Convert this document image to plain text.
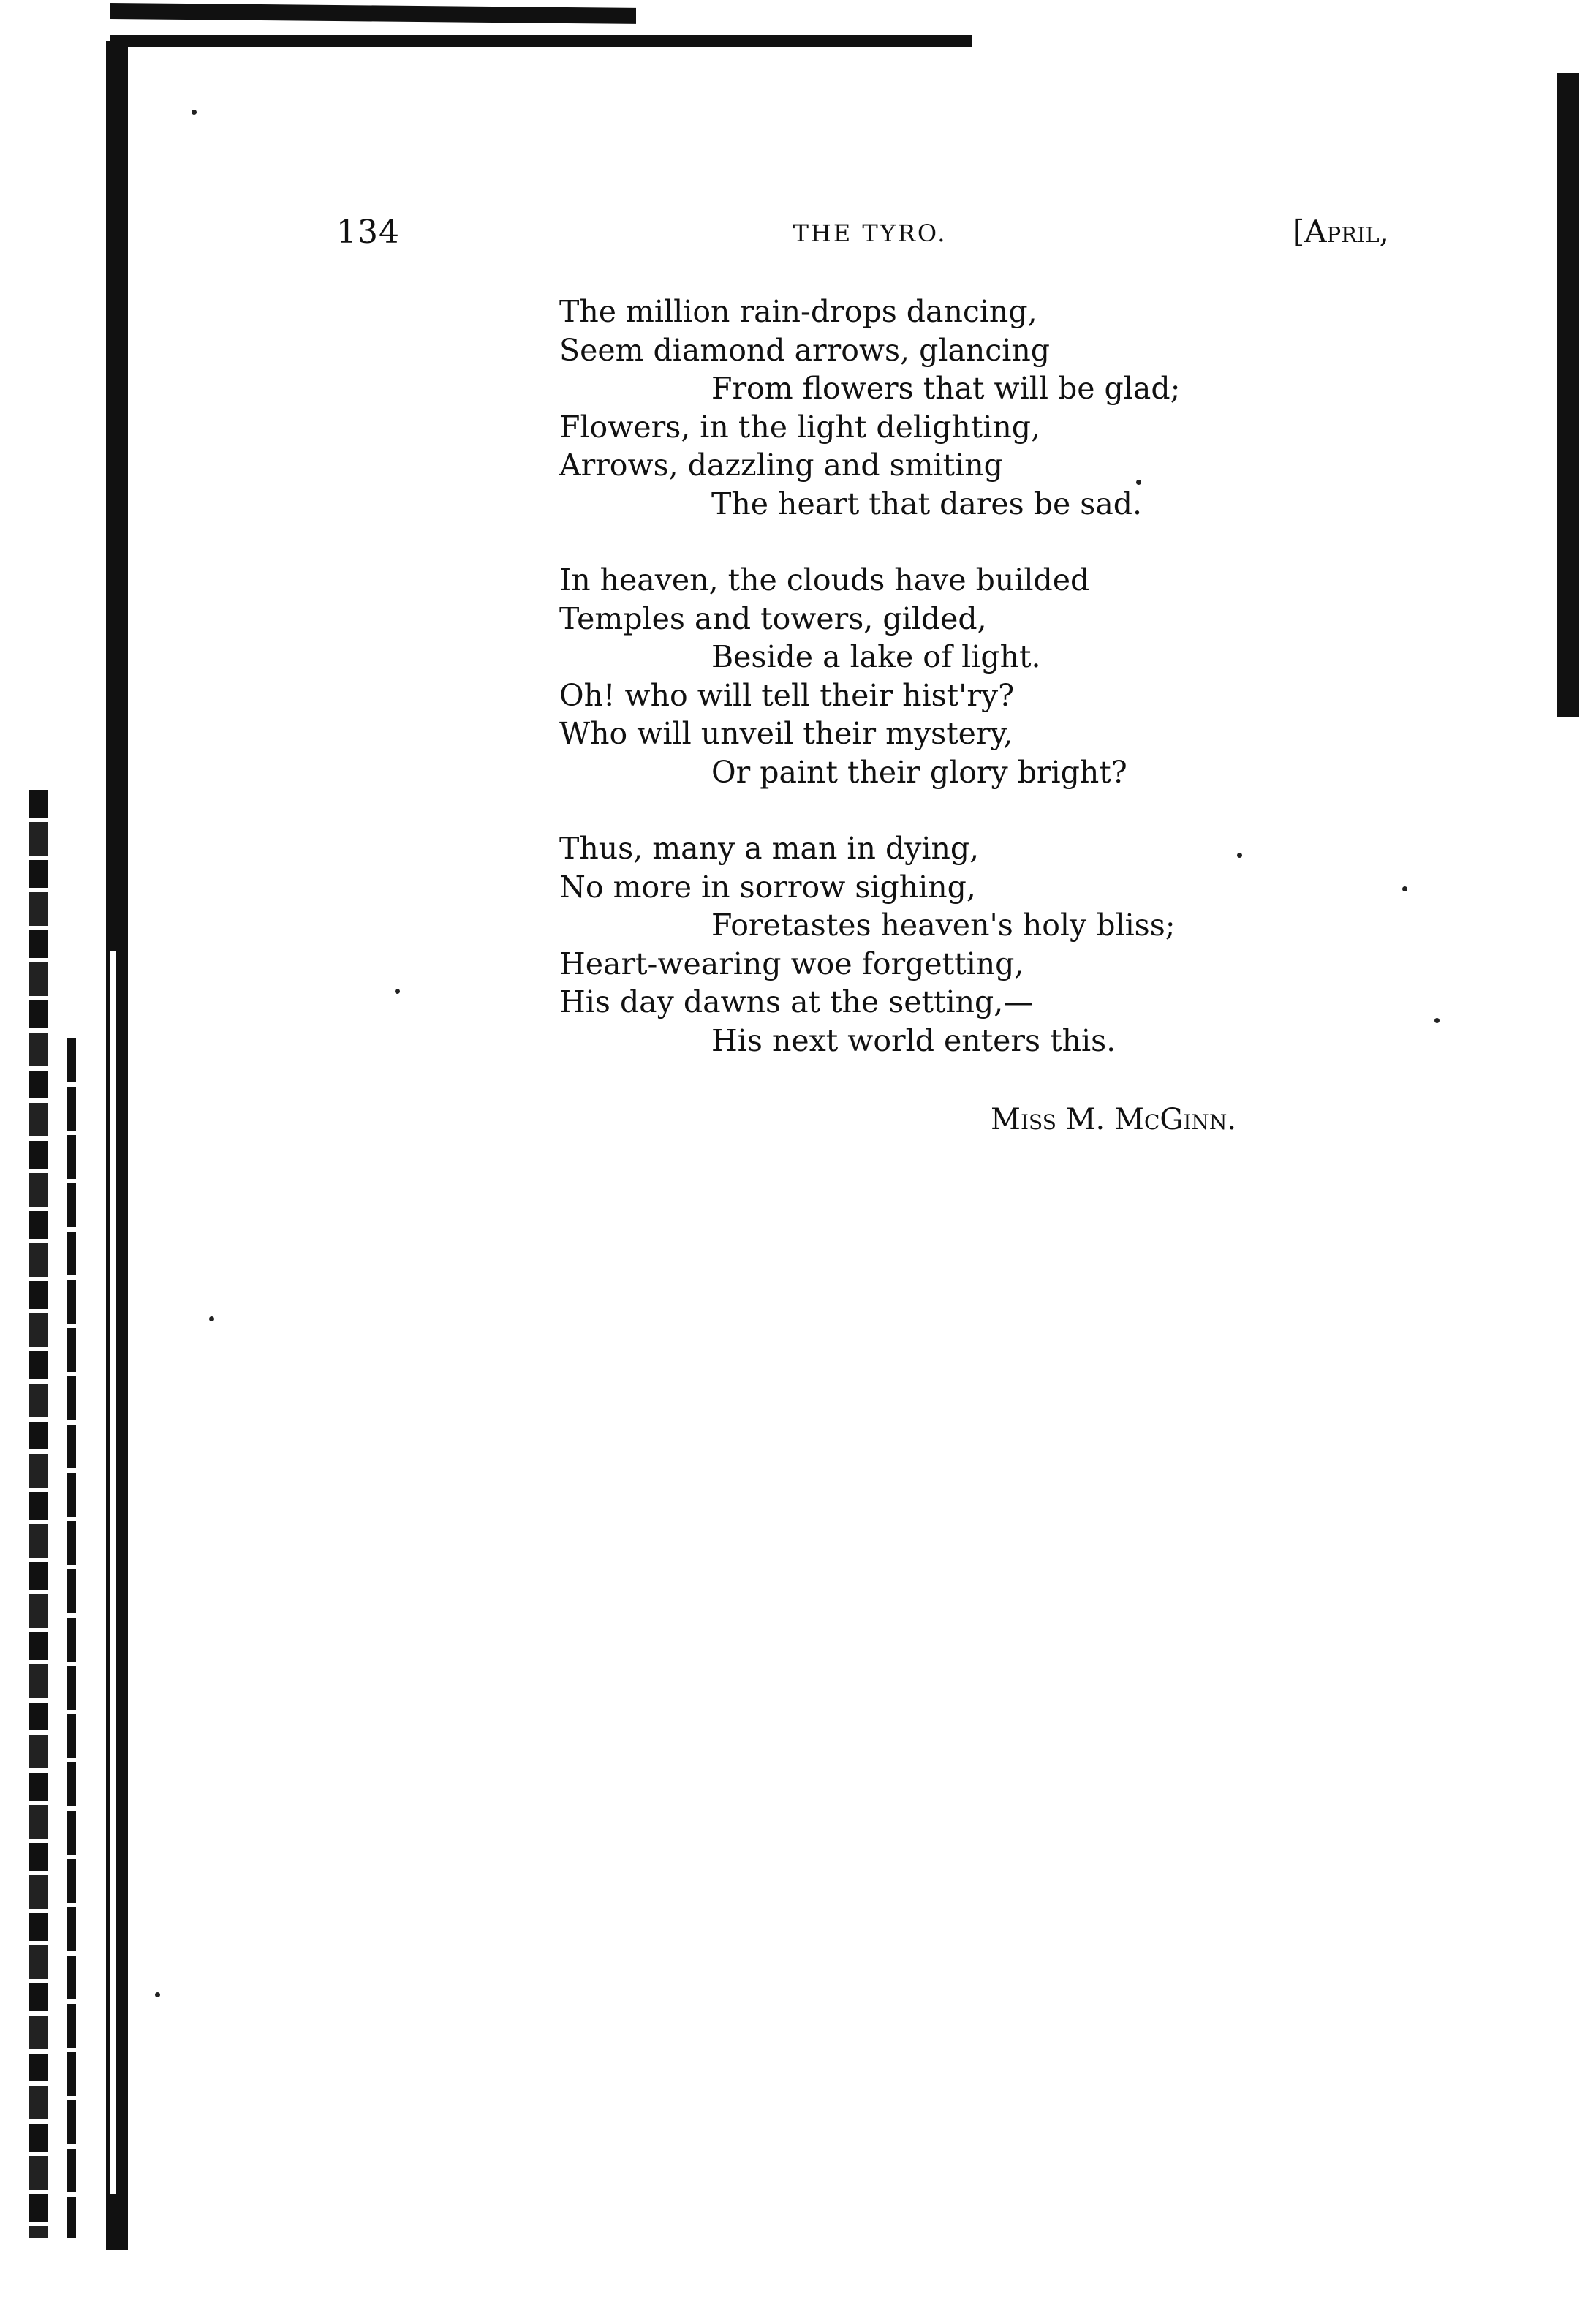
134	THE TYRO.	[April,
The million rain-drops dancing,
Seem diamond arrows, glancing
From flowers that will be glad;
Flowers, in the light delighting,
Arrows, dazzling and smiting
The heart that dares be sad.
In heaven, the clouds have builded
Temples and towers, gilded,
Beside a lake of light.
Oh! who will tell their hist'ry?
Who will unveil their mystery,
Or paint their glory bright?
Thus, many a man in dying,
No more in sorrow sighing,
Foretastes heaven's holy bliss;
Heart-wearing woe forgetting,
His day dawns at the setting,—
His next world enters this.
Miss M. McGinn.
